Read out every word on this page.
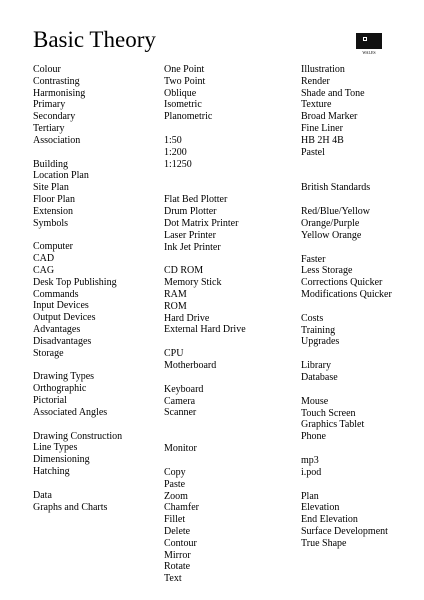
Basic Theory
WALES
Colour
Contrasting
Harmonising
Primary
Secondary
Tertiary
Association
Building
Location Plan
Site Plan
Floor Plan
Extension
Symbols
Computer
CAD
CAG
Desk Top Publishing
Commands
Input Devices
Output Devices
Advantages
Disadvantages
Storage
Drawing Types
Orthographic
Pictorial
Associated Angles
Drawing Construction
Line Types
Dimensioning
Hatching
Data
Graphs and Charts
One Point
Two Point
Oblique
Isometric
Planometric
1:50
1:200
1:1250
Flat Bed Plotter
Drum Plotter
Dot Matrix Printer
Laser Printer
Ink Jet Printer
CD ROM
Memory Stick
RAM
ROM
Hard Drive
External Hard Drive
CPU
Motherboard
Keyboard
Camera
Scanner
Monitor
Copy
Paste
Zoom
Chamfer
Fillet
Delete
Contour
Mirror
Rotate
Text
Illustration
Render
Shade and Tone
Texture
Broad Marker
Fine Liner
HB 2H 4B
Pastel
British Standards
Red/Blue/Yellow
Orange/Purple
Yellow Orange
Faster
Less Storage
Corrections Quicker
Modifications Quicker
Costs
Training
Upgrades
Library
Database
Mouse
Touch Screen
Graphics Tablet
Phone
mp3
i.pod
Plan
Elevation
End Elevation
Surface Development
True Shape
